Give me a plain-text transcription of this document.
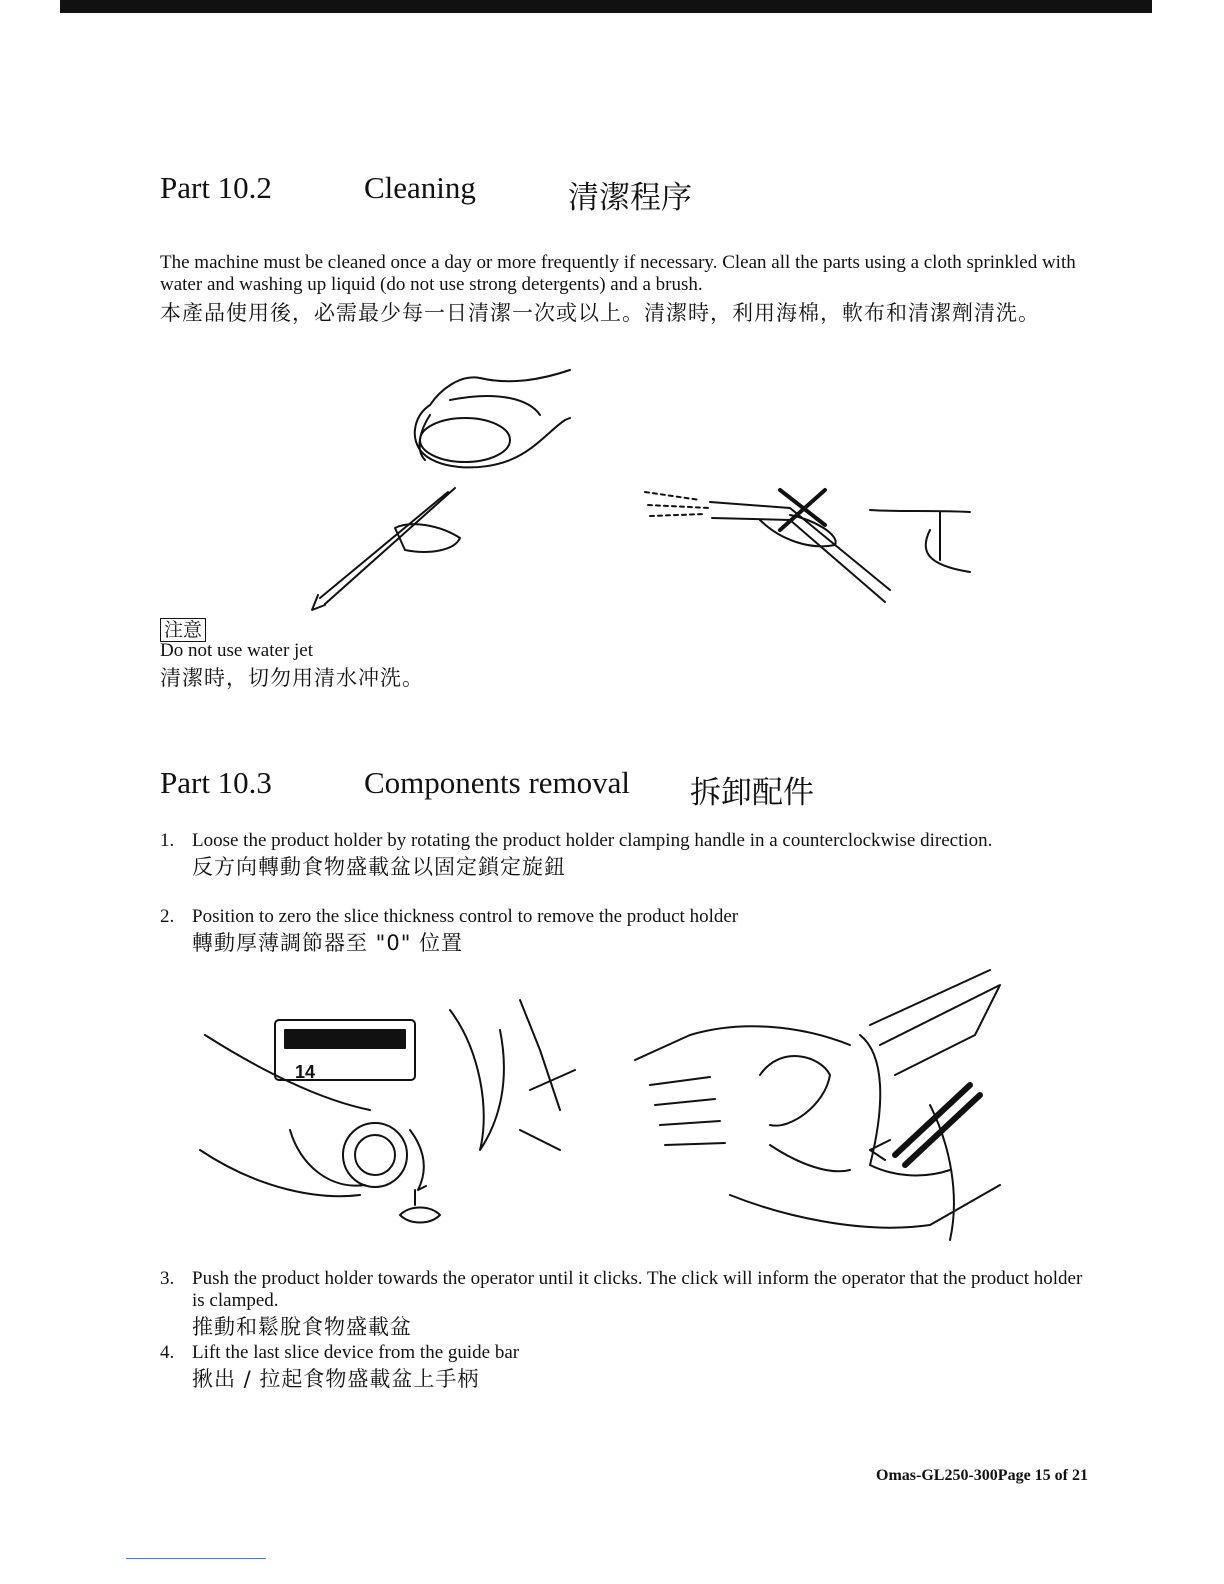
Part 10.2	Cleaning	清潔程序
The machine must be cleaned once a day or more frequently if necessary. Clean all the parts using a cloth sprinkled with water and washing up liquid (do not use strong detergents) and a brush.
本產品使用後，必需最少每一日清潔一次或以上。清潔時，利用海棉，軟布和清潔劑清洗。
注意
Do not use water jet
清潔時，切勿用清水冲洗。
Part 10.3	Components removal 拆卸配件
1. Loose the product holder by rotating the product holder clamping handle in a counterclockwise direction.
反方向轉動食物盛載盆以固定鎖定旋鈕
2. Position to zero the slice thickness control to remove the product holder
轉動厚薄調節器至 "0" 位置
14
3. Push the product holder towards the operator until it clicks. The click will inform the operator that the product holder is clamped.
推動和鬆脫食物盛載盆
4. Lift the last slice device from the guide bar
揪出 / 拉起食物盛載盆上手柄
Omas-GL250-300Page 15 of 21
